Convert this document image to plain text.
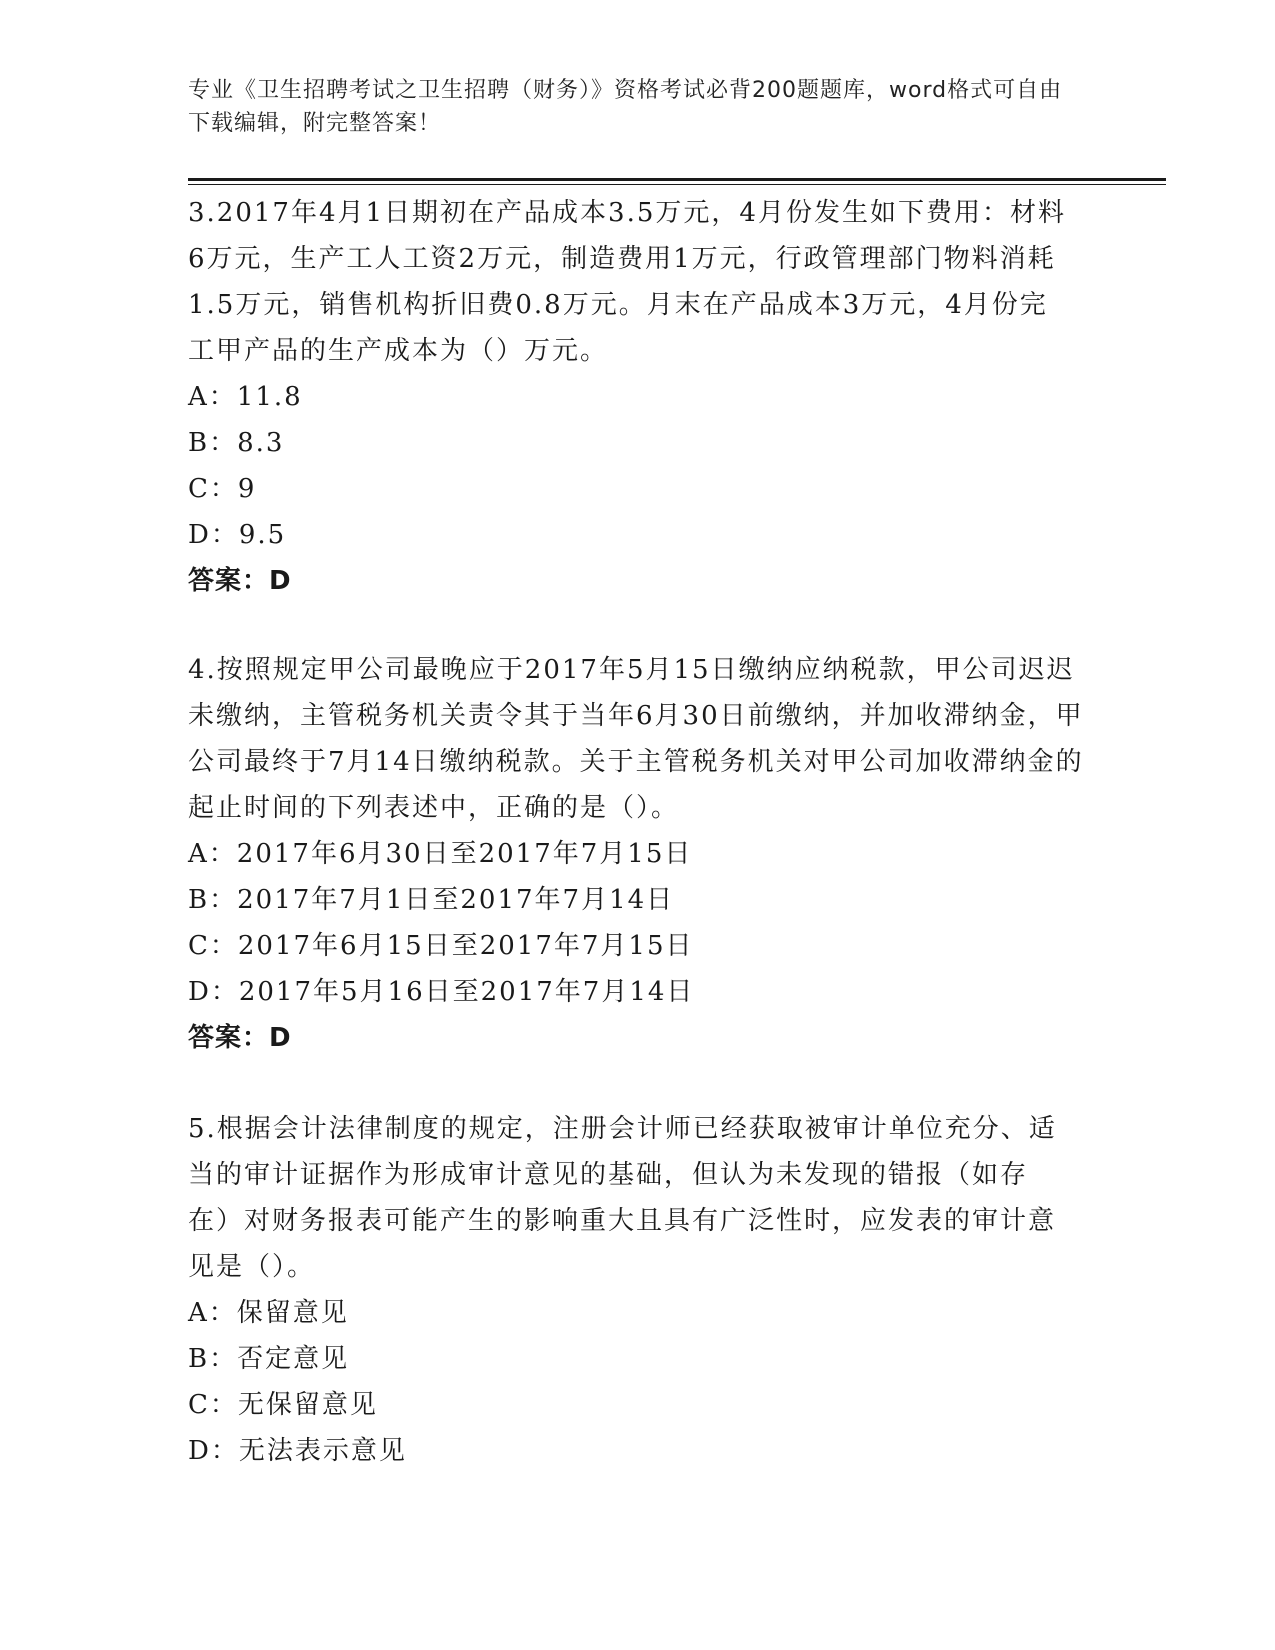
专业《卫生招聘考试之卫生招聘（财务）》资格考试必背200题题库，word格式可自由下载编辑，附完整答案！
3.2017年4月1日期初在产品成本3.5万元，4月份发生如下费用：材料6万元，生产工人工资2万元，制造费用1万元，行政管理部门物料消耗1.5万元，销售机构折旧费0.8万元。月末在产品成本3万元，4月份完工甲产品的生产成本为（）万元。
A：11.8
B：8.3
C：9
D：9.5
答案：D
4.按照规定甲公司最晚应于2017年5月15日缴纳应纳税款，甲公司迟迟未缴纳，主管税务机关责令其于当年6月30日前缴纳，并加收滞纳金，甲公司最终于7月14日缴纳税款。关于主管税务机关对甲公司加收滞纳金的起止时间的下列表述中，正确的是（）。
A：2017年6月30日至2017年7月15日
B：2017年7月1日至2017年7月14日
C：2017年6月15日至2017年7月15日
D：2017年5月16日至2017年7月14日
答案：D
5.根据会计法律制度的规定，注册会计师已经获取被审计单位充分、适当的审计证据作为形成审计意见的基础，但认为未发现的错报（如存在）对财务报表可能产生的影响重大且具有广泛性时，应发表的审计意见是（）。
A：保留意见
B：否定意见
C：无保留意见
D：无法表示意见
